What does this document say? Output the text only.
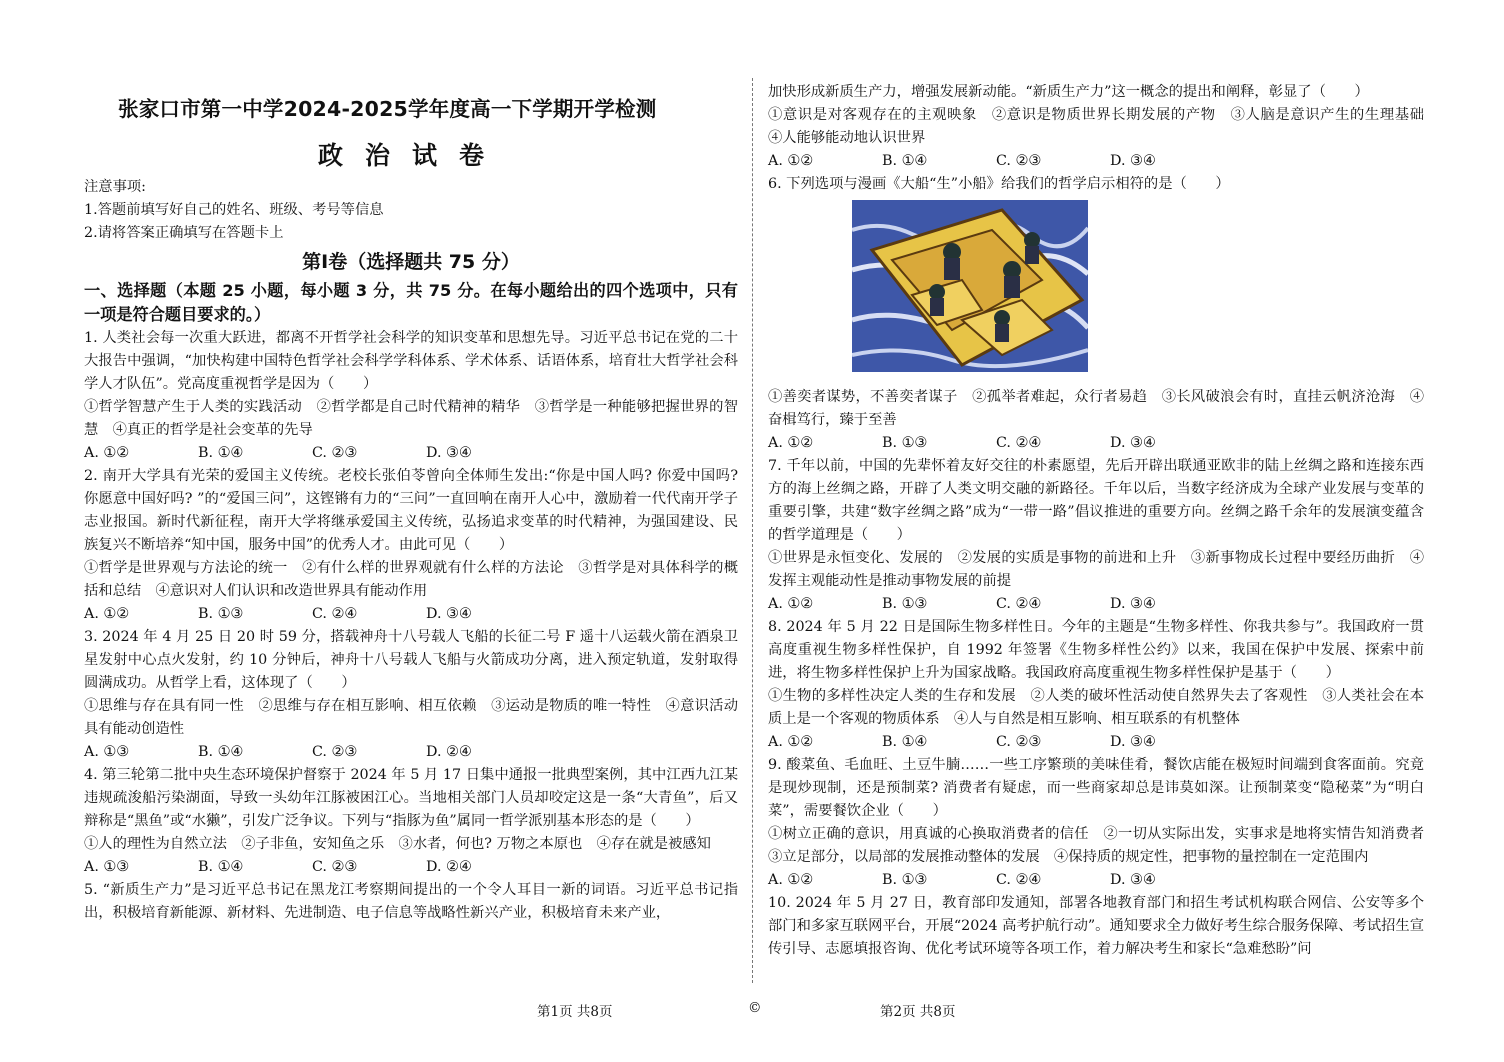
张家口市第一中学2024-2025学年度高一下学期开学检测
政治试卷

注意事项:

1.答题前填写好自己的姓名、班级、考号等信息

2.请将答案正确填写在答题卡上

第Ⅰ卷（选择题共 75 分）

一、选择题（本题 25 小题，每小题 3 分，共 75 分。在每小题给出的四个选项中，只有一项是符合题目要求的。）

1. 人类社会每一次重大跃进，都离不开哲学社会科学的知识变革和思想先导。习近平总书记在党的二十大报告中强调，“加快构建中国特色哲学社会科学学科体系、学术体系、话语体系，培育壮大哲学社会科学人才队伍”。党高度重视哲学是因为（　　）

①哲学智慧产生于人类的实践活动　②哲学都是自己时代精神的精华　③哲学是一种能够把握世界的智慧　④真正的哲学是社会变革的先导

A. ①②	B. ①④	C. ②③	D. ③④

2. 南开大学具有光荣的爱国主义传统。老校长张伯苓曾向全体师生发出:“你是中国人吗? 你爱中国吗? 你愿意中国好吗? ”的“爱国三问”，这铿锵有力的“三问”一直回响在南开人心中，激励着一代代南开学子志业报国。新时代新征程，南开大学将继承爱国主义传统，弘扬追求变革的时代精神，为强国建设、民族复兴不断培养“知中国，服务中国”的优秀人才。由此可见（　　）

①哲学是世界观与方法论的统一　②有什么样的世界观就有什么样的方法论　③哲学是对具体科学的概括和总结　④意识对人们认识和改造世界具有能动作用

A. ①②	B. ①③	C. ②④	D. ③④

3. 2024 年 4 月 25 日 20 时 59 分，搭载神舟十八号载人飞船的长征二号 F 遥十八运载火箭在酒泉卫星发射中心点火发射，约 10 分钟后，神舟十八号载人飞船与火箭成功分离，进入预定轨道，发射取得圆满成功。从哲学上看，这体现了（　　）

①思维与存在具有同一性　②思维与存在相互影响、相互依赖　③运动是物质的唯一特性　④意识活动具有能动创造性

A. ①③	B. ①④	C. ②③	D. ②④

4. 第三轮第二批中央生态环境保护督察于 2024 年 5 月 17 日集中通报一批典型案例，其中江西九江某违规疏浚船污染湖面，导致一头幼年江豚被困江心。当地相关部门人员却咬定这是一条“大青鱼”，后又辩称是“黑鱼”或“水獭”，引发广泛争议。下列与“指豚为鱼”属同一哲学派别基本形态的是（　　）

①人的理性为自然立法　②子非鱼，安知鱼之乐　③水者，何也? 万物之本原也　④存在就是被感知

A. ①③	B. ①④	C. ②③	D. ②④

5. “新质生产力”是习近平总书记在黑龙江考察期间提出的一个令人耳目一新的词语。习近平总书记指出，积极培育新能源、新材料、先进制造、电子信息等战略性新兴产业，积极培育未来产业，

加快形成新质生产力，增强发展新动能。“新质生产力”这一概念的提出和阐释，彰显了（　　）

①意识是对客观存在的主观映象　②意识是物质世界长期发展的产物　③人脑是意识产生的生理基础　④人能够能动地认识世界

A. ①②	B. ①④	C. ②③	D. ③④

6. 下列选项与漫画《大船“生”小船》给我们的哲学启示相符的是（　　）

①善奕者谋势，不善奕者谋子　②孤举者难起，众行者易趋　③长风破浪会有时，直挂云帆济沧海　④奋楫笃行，臻于至善

A. ①②	B. ①③	C. ②④	D. ③④

7. 千年以前，中国的先辈怀着友好交往的朴素愿望，先后开辟出联通亚欧非的陆上丝绸之路和连接东西方的海上丝绸之路，开辟了人类文明交融的新路径。千年以后，当数字经济成为全球产业发展与变革的重要引擎，共建“数字丝绸之路”成为“一带一路”倡议推进的重要方向。丝绸之路千余年的发展演变蕴含的哲学道理是（　　）

①世界是永恒变化、发展的　②发展的实质是事物的前进和上升　③新事物成长过程中要经历曲折　④发挥主观能动性是推动事物发展的前提

A. ①②	B. ①③	C. ②④	D. ③④

8. 2024 年 5 月 22 日是国际生物多样性日。今年的主题是“生物多样性、你我共参与”。我国政府一贯高度重视生物多样性保护，自 1992 年签署《生物多样性公约》以来，我国在保护中发展、探索中前进，将生物多样性保护上升为国家战略。我国政府高度重视生物多样性保护是基于（　　）

①生物的多样性决定人类的生存和发展　②人类的破坏性活动使自然界失去了客观性　③人类社会在本质上是一个客观的物质体系　④人与自然是相互影响、相互联系的有机整体

A. ①②	B. ①④	C. ②③	D. ③④

9. 酸菜鱼、毛血旺、土豆牛腩……一些工序繁琐的美味佳肴，餐饮店能在极短时间端到食客面前。究竟是现炒现制，还是预制菜? 消费者有疑虑，而一些商家却总是讳莫如深。让预制菜变“隐秘菜”为“明白菜”，需要餐饮企业（　　）

①树立正确的意识，用真诚的心换取消费者的信任　②一切从实际出发，实事求是地将实情告知消费者　③立足部分，以局部的发展推动整体的发展　④保持质的规定性，把事物的量控制在一定范围内

A. ①②	B. ①③	C. ②④	D. ③④

10. 2024 年 5 月 27 日，教育部印发通知，部署各地教育部门和招生考试机构联合网信、公安等多个部门和多家互联网平台，开展“2024 高考护航行动”。通知要求全力做好考生综合服务保障、考试招生宣传引导、志愿填报咨询、优化考试环境等各项工作，着力解决考生和家长“急难愁盼”问

第1页 共8页	©	第2页 共8页
